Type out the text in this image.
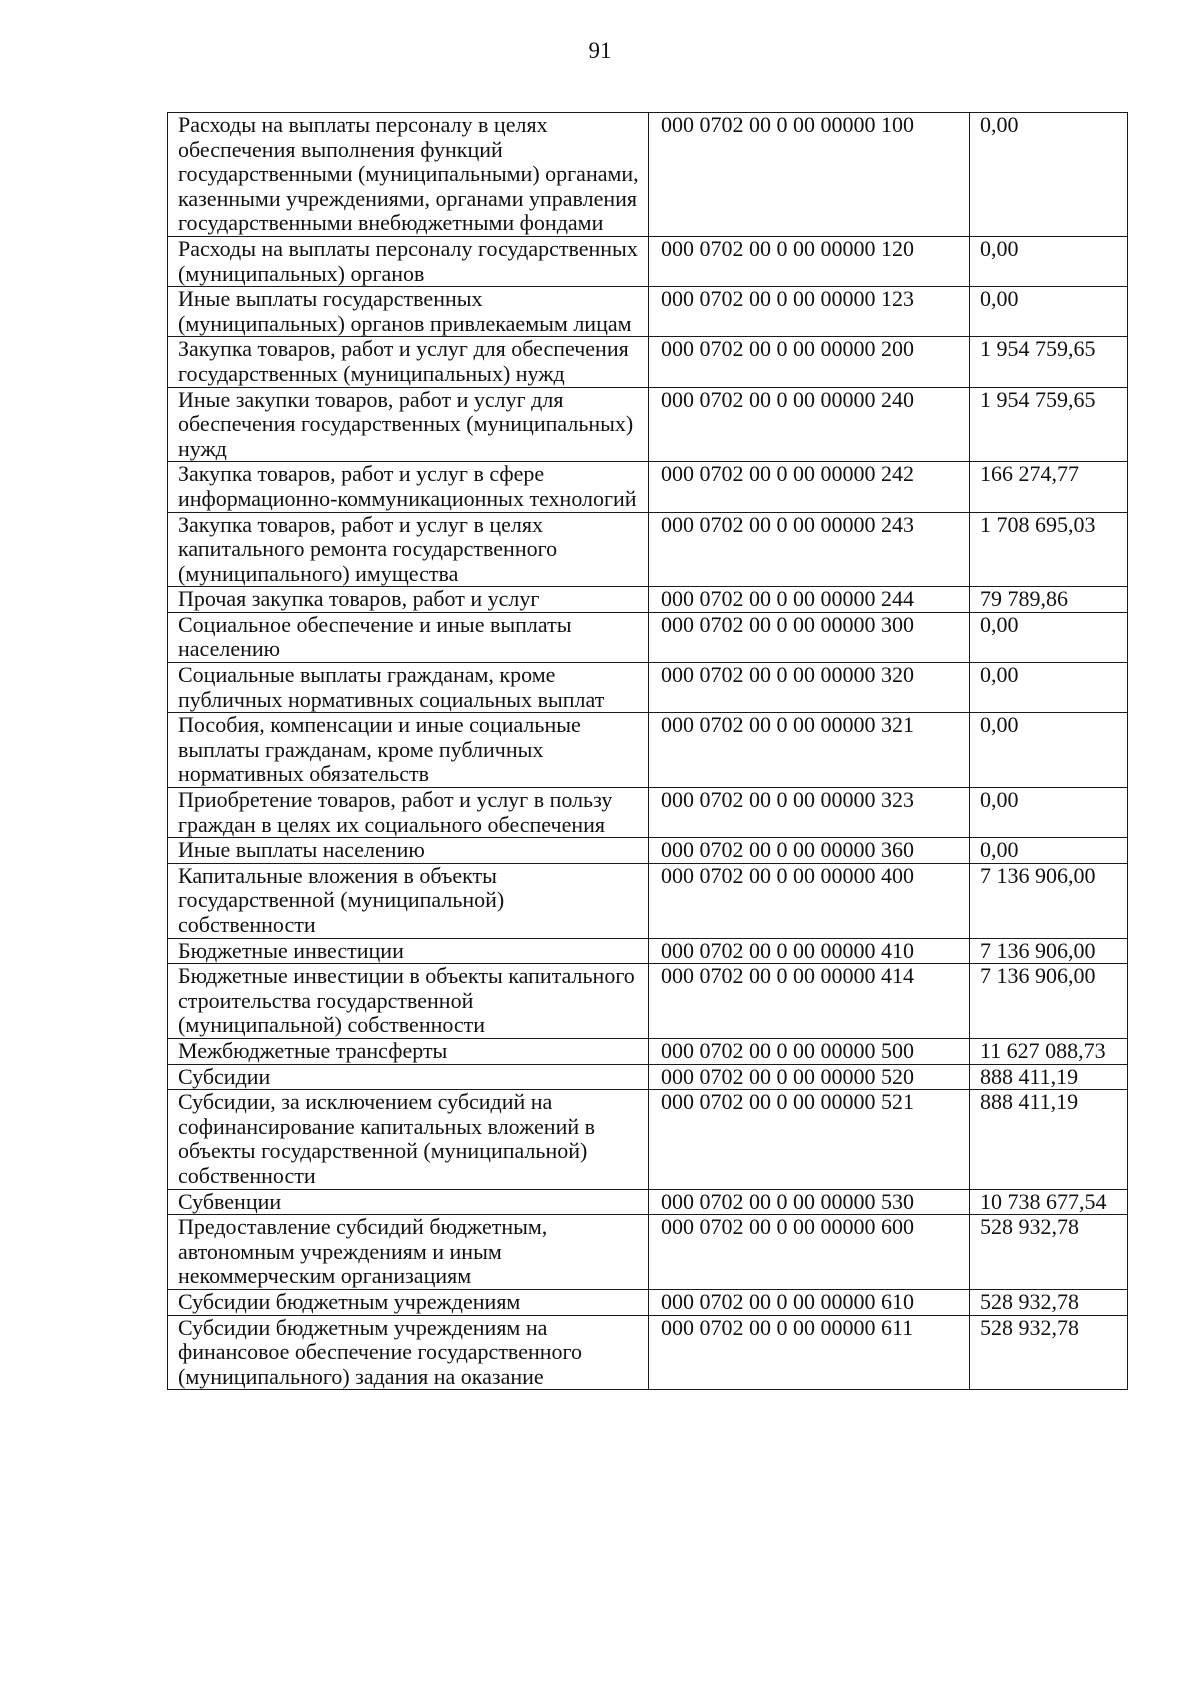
91
Расходы на выплаты персоналу в целях обеспечения выполнения функций государственными (муниципальными) органами, казенными учреждениями, органами управления государственными внебюджетными фондами	000 0702 00 0 00 00000 100	0,00
Расходы на выплаты персоналу государственных (муниципальных) органов	000 0702 00 0 00 00000 120	0,00
Иные выплаты государственных (муниципальных) органов привлекаемым лицам	000 0702 00 0 00 00000 123	0,00
Закупка товаров, работ и услуг для обеспечения государственных (муниципальных) нужд	000 0702 00 0 00 00000 200	1 954 759,65
Иные закупки товаров, работ и услуг для обеспечения государственных (муниципальных) нужд	000 0702 00 0 00 00000 240	1 954 759,65
Закупка товаров, работ и услуг в сфере информационно-коммуникационных технологий	000 0702 00 0 00 00000 242	166 274,77
Закупка товаров, работ и услуг в целях капитального ремонта государственного (муниципального) имущества	000 0702 00 0 00 00000 243	1 708 695,03
Прочая закупка товаров, работ и услуг	000 0702 00 0 00 00000 244	79 789,86
Социальное обеспечение и иные выплаты населению	000 0702 00 0 00 00000 300	0,00
Социальные выплаты гражданам, кроме публичных нормативных социальных выплат	000 0702 00 0 00 00000 320	0,00
Пособия, компенсации и иные социальные выплаты гражданам, кроме публичных нормативных обязательств	000 0702 00 0 00 00000 321	0,00
Приобретение товаров, работ и услуг в пользу граждан в целях их социального обеспечения	000 0702 00 0 00 00000 323	0,00
Иные выплаты населению	000 0702 00 0 00 00000 360	0,00
Капитальные вложения в объекты государственной (муниципальной) собственности	000 0702 00 0 00 00000 400	7 136 906,00
Бюджетные инвестиции	000 0702 00 0 00 00000 410	7 136 906,00
Бюджетные инвестиции в объекты капитального строительства государственной (муниципальной) собственности	000 0702 00 0 00 00000 414	7 136 906,00
Межбюджетные трансферты	000 0702 00 0 00 00000 500	11 627 088,73
Субсидии	000 0702 00 0 00 00000 520	888 411,19
Субсидии, за исключением субсидий на софинансирование капитальных вложений в объекты государственной (муниципальной) собственности	000 0702 00 0 00 00000 521	888 411,19
Субвенции	000 0702 00 0 00 00000 530	10 738 677,54
Предоставление субсидий бюджетным, автономным учреждениям и иным некоммерческим организациям	000 0702 00 0 00 00000 600	528 932,78
Субсидии бюджетным учреждениям	000 0702 00 0 00 00000 610	528 932,78
Субсидии бюджетным учреждениям на финансовое обеспечение государственного (муниципального) задания на оказание	000 0702 00 0 00 00000 611	528 932,78
